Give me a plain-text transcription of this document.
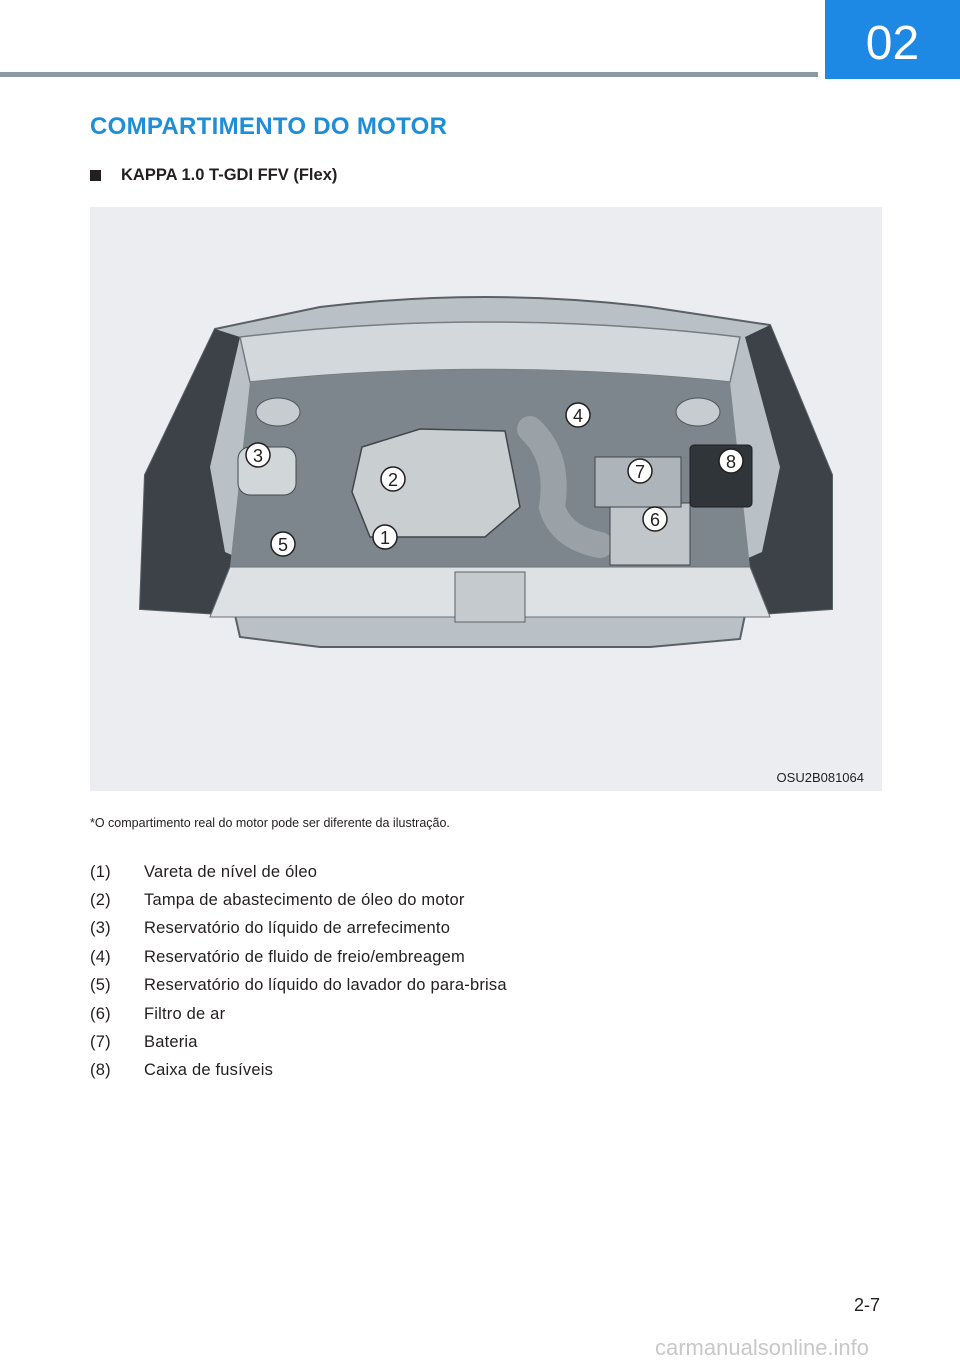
02
COMPARTIMENTO DO MOTOR
KAPPA 1.0 T-GDI FFV (Flex)
1
2
3
4
5
6
7	8
OSU2B081064
*O compartimento real do motor pode ser diferente da ilustração.
(1)	Vareta de nível de óleo
(2)	Tampa de abastecimento de óleo do motor
(3)	Reservatório do líquido de arrefecimento
(4)	Reservatório de fluido de freio/embreagem
(5)	Reservatório do líquido do lavador do para-brisa
(6)	Filtro de ar
(7)	Bateria
(8)	Caixa de fusíveis
2-7
carmanualsonline.info
